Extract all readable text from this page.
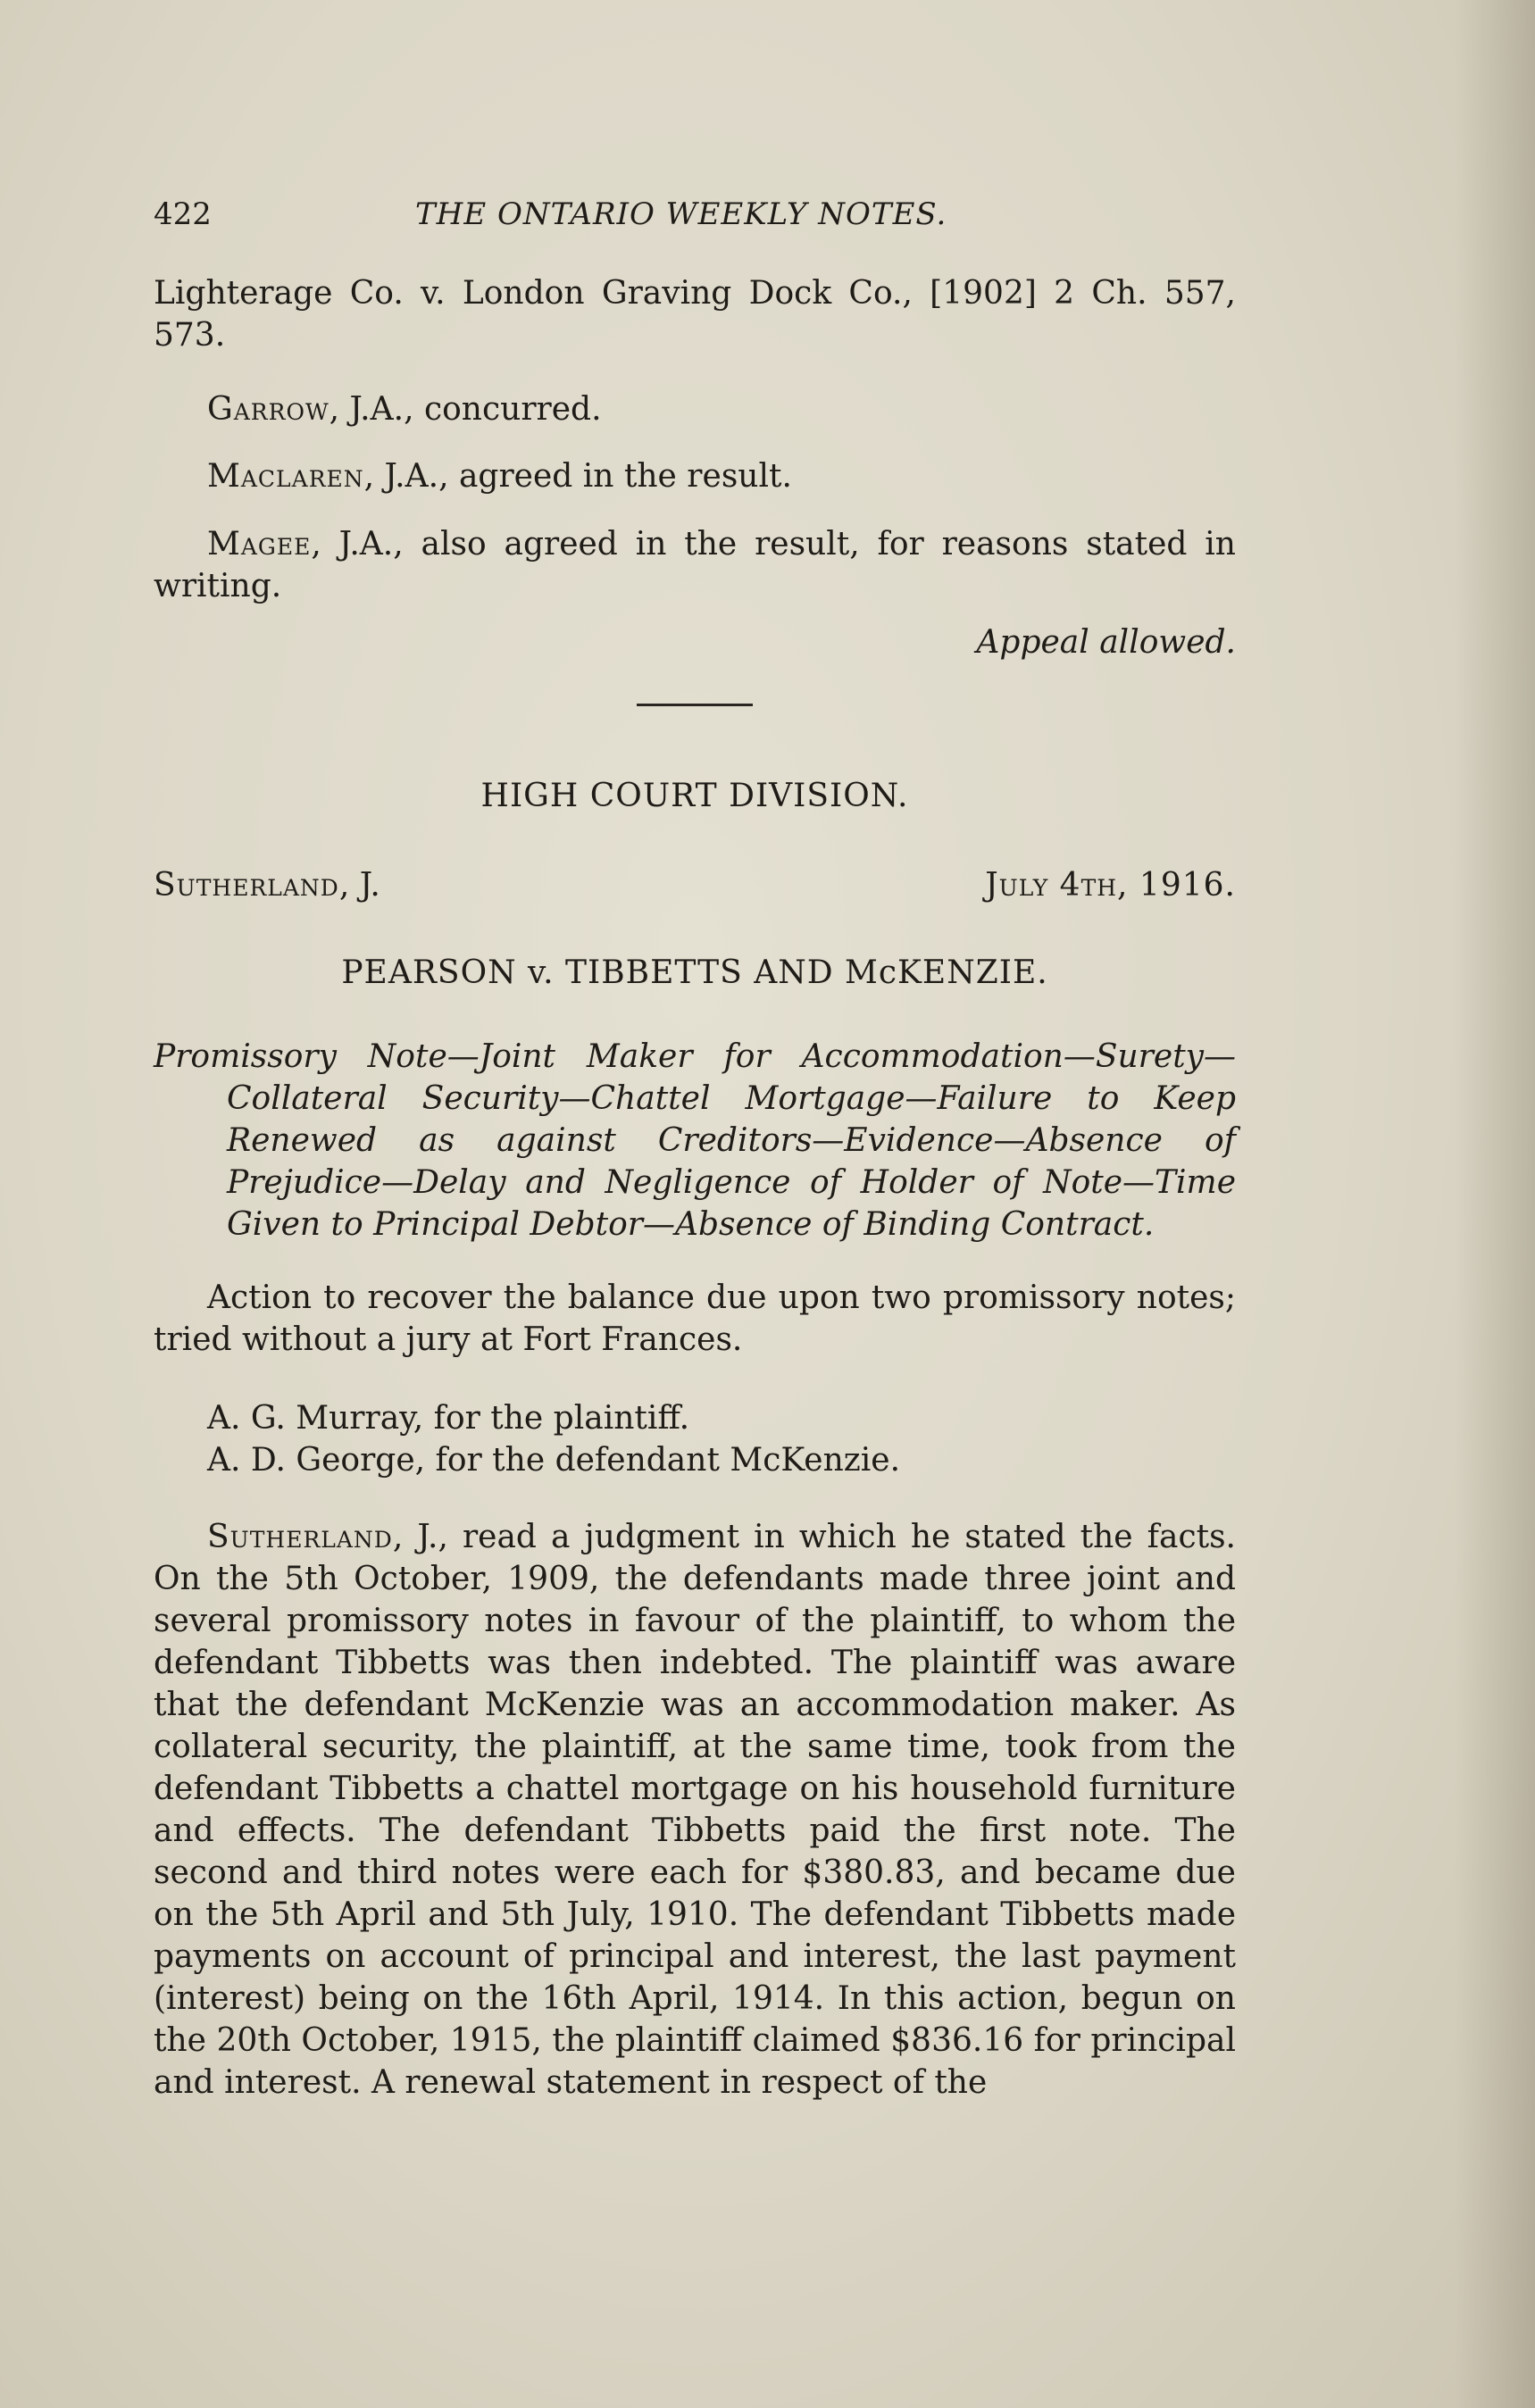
422	THE ONTARIO WEEKLY NOTES.

Lighterage Co. v. London Graving Dock Co., [1902] 2 Ch. 557, 573.

Garrow, J.A., concurred.

Maclaren, J.A., agreed in the result.

Magee, J.A., also agreed in the result, for reasons stated in writing.

Appeal allowed.
HIGH COURT DIVISION.
Sutherland, J.	July 4th, 1916.
PEARSON v. TIBBETTS AND McKENZIE.

Promissory Note—Joint Maker for Accommodation—Surety—Collateral Security—Chattel Mortgage—Failure to Keep Renewed as against Creditors—Evidence—Absence of Prejudice—Delay and Negligence of Holder of Note—Time Given to Principal Debtor—Absence of Binding Contract.

Action to recover the balance due upon two promissory notes; tried without a jury at Fort Frances.

A. G. Murray, for the plaintiff.

A. D. George, for the defendant McKenzie.

Sutherland, J., read a judgment in which he stated the facts. On the 5th October, 1909, the defendants made three joint and several promissory notes in favour of the plaintiff, to whom the defendant Tibbetts was then indebted. The plaintiff was aware that the defendant McKenzie was an accommodation maker. As collateral security, the plaintiff, at the same time, took from the defendant Tibbetts a chattel mortgage on his household furniture and effects. The defendant Tibbetts paid the first note. The second and third notes were each for $380.83, and became due on the 5th April and 5th July, 1910. The defendant Tibbetts made payments on account of principal and interest, the last payment (interest) being on the 16th April, 1914. In this action, begun on the 20th October, 1915, the plaintiff claimed $836.16 for principal and interest. A renewal statement in respect of the
